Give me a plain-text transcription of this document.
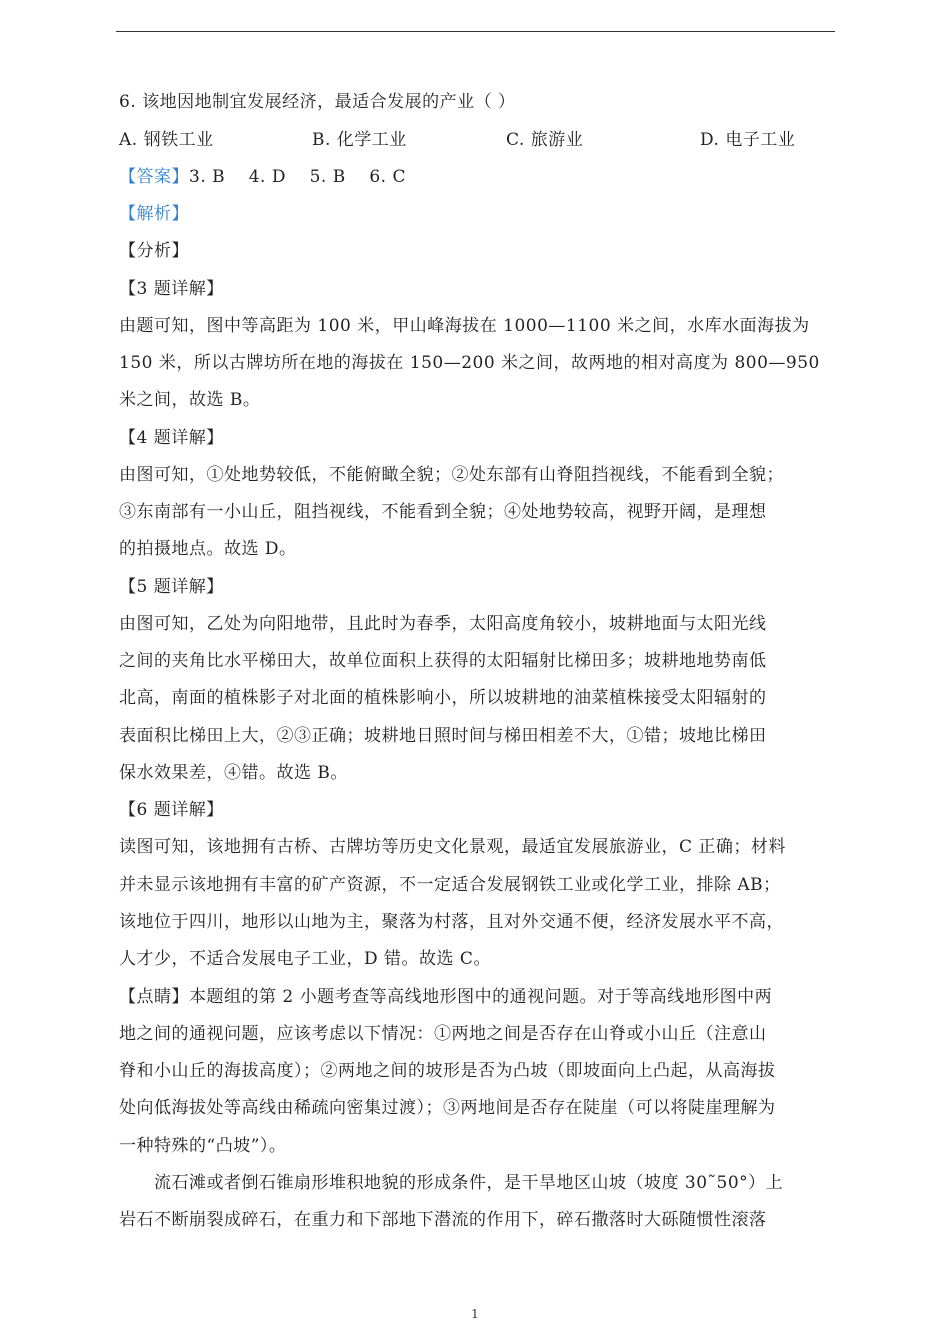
6. 该地因地制宜发展经济，最适合发展的产业（ ）
A. 钢铁工业	B. 化学工业	C. 旅游业	D. 电子工业
【答案】3. B    4. D    5. B    6. C
【解析】
【分析】
【3 题详解】
由题可知，图中等高距为 100 米，甲山峰海拔在 1000—1100 米之间，水库水面海拔为
150 米，所以古牌坊所在地的海拔在 150—200 米之间，故两地的相对高度为 800—950
米之间，故选 B。
【4 题详解】
由图可知，①处地势较低，不能俯瞰全貌；②处东部有山脊阻挡视线，不能看到全貌；
③东南部有一小山丘，阻挡视线，不能看到全貌；④处地势较高，视野开阔，是理想
的拍摄地点。故选 D。
【5 题详解】
由图可知，乙处为向阳地带，且此时为春季，太阳高度角较小，坡耕地面与太阳光线
之间的夹角比水平梯田大，故单位面积上获得的太阳辐射比梯田多；坡耕地地势南低
北高，南面的植株影子对北面的植株影响小，所以坡耕地的油菜植株接受太阳辐射的
表面积比梯田上大，②③正确；坡耕地日照时间与梯田相差不大，①错；坡地比梯田
保水效果差，④错。故选 B。
【6 题详解】
读图可知，该地拥有古桥、古牌坊等历史文化景观，最适宜发展旅游业，C 正确；材料
并未显示该地拥有丰富的矿产资源，不一定适合发展钢铁工业或化学工业，排除 AB；
该地位于四川，地形以山地为主，聚落为村落，且对外交通不便，经济发展水平不高，
人才少，不适合发展电子工业，D 错。故选 C。
【点睛】本题组的第 2 小题考查等高线地形图中的通视问题。对于等高线地形图中两
地之间的通视问题，应该考虑以下情况：①两地之间是否存在山脊或小山丘（注意山
脊和小山丘的海拔高度）；②两地之间的坡形是否为凸坡（即坡面向上凸起，从高海拔
处向低海拔处等高线由稀疏向密集过渡）；③两地间是否存在陡崖（可以将陡崖理解为
一种特殊的“凸坡”）。
　　流石滩或者倒石锥扇形堆积地貌的形成条件，是干旱地区山坡（坡度 30˜50°）上
岩石不断崩裂成碎石，在重力和下部地下潜流的作用下，碎石撒落时大砾随惯性滚落
1
